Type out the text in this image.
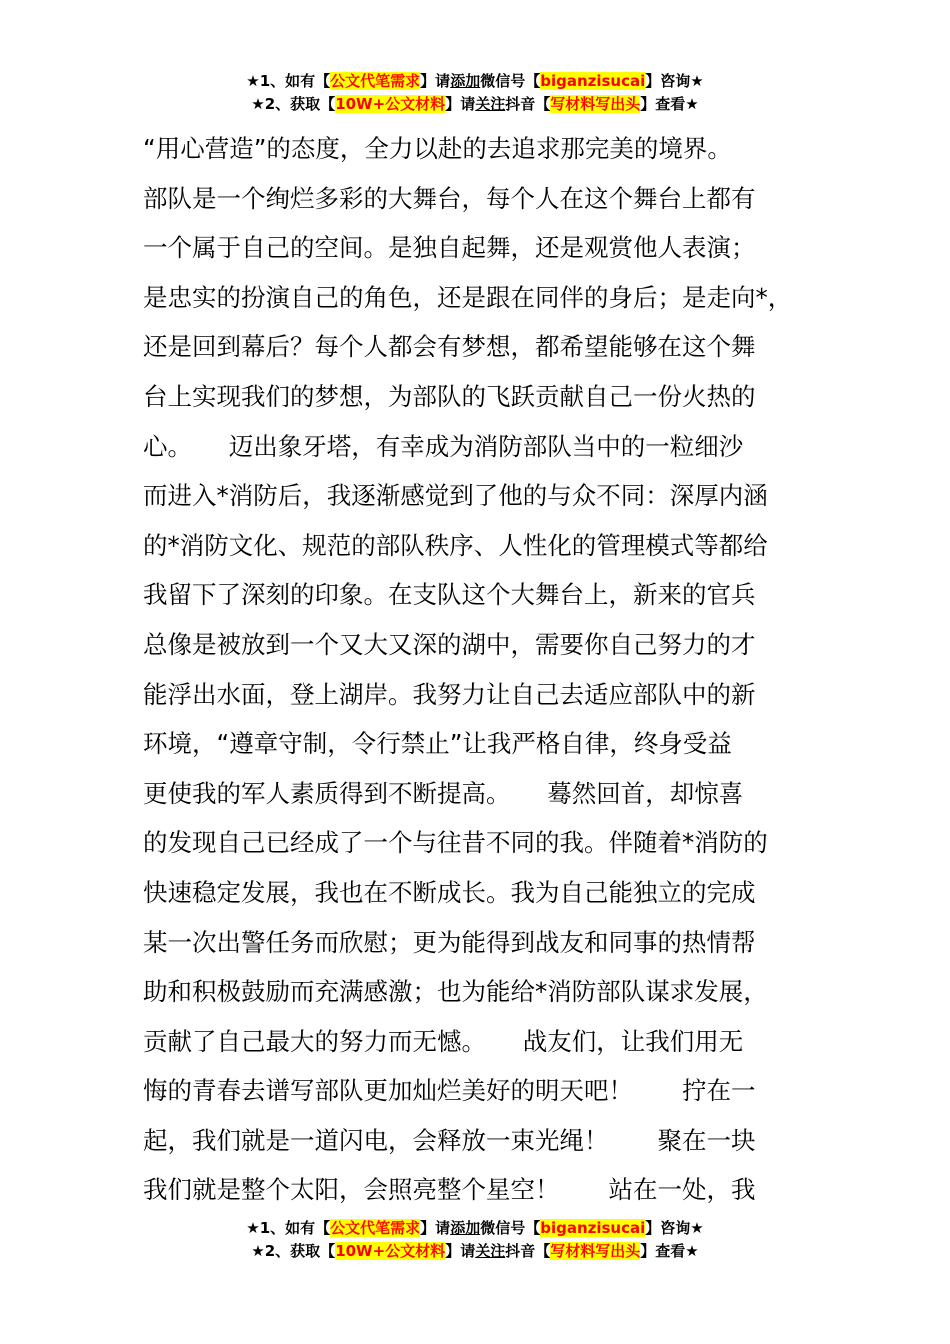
★1、如有【公文代笔需求】请添加微信号【biganzisucai】咨询★
★2、获取【10W+公文材料】请关注抖音【写材料写出头】查看★
“用心营造”的态度，全力以赴的去追求那完美的境界。
部队是一个绚烂多彩的大舞台，每个人在这个舞台上都有
一个属于自己的空间。是独自起舞，还是观赏他人表演；
是忠实的扮演自己的角色，还是跟在同伴的身后；是走向*，
还是回到幕后？每个人都会有梦想，都希望能够在这个舞
台上实现我们的梦想，为部队的飞跃贡献自己一份火热的
心。　　迈出象牙塔，有幸成为消防部队当中的一粒细沙
而进入*消防后，我逐渐感觉到了他的与众不同：深厚内涵
的*消防文化、规范的部队秩序、人性化的管理模式等都给
我留下了深刻的印象。在支队这个大舞台上，新来的官兵
总像是被放到一个又大又深的湖中，需要你自己努力的才
能浮出水面，登上湖岸。我努力让自己去适应部队中的新
环境，“遵章守制，令行禁止”让我严格自律，终身受益
更使我的军人素质得到不断提高。　　蓦然回首，却惊喜
的发现自己已经成了一个与往昔不同的我。伴随着*消防的
快速稳定发展，我也在不断成长。我为自己能独立的完成
某一次出警任务而欣慰；更为能得到战友和同事的热情帮
助和积极鼓励而充满感激；也为能给*消防部队谋求发展，
贡献了自己最大的努力而无憾。　　战友们，让我们用无
悔的青春去谱写部队更加灿烂美好的明天吧！　　拧在一
起，我们就是一道闪电，会释放一束光绳！　　聚在一块
我们就是整个太阳，会照亮整个星空！　　站在一处，我
★1、如有【公文代笔需求】请添加微信号【biganzisucai】咨询★
★2、获取【10W+公文材料】请关注抖音【写材料写出头】查看★
